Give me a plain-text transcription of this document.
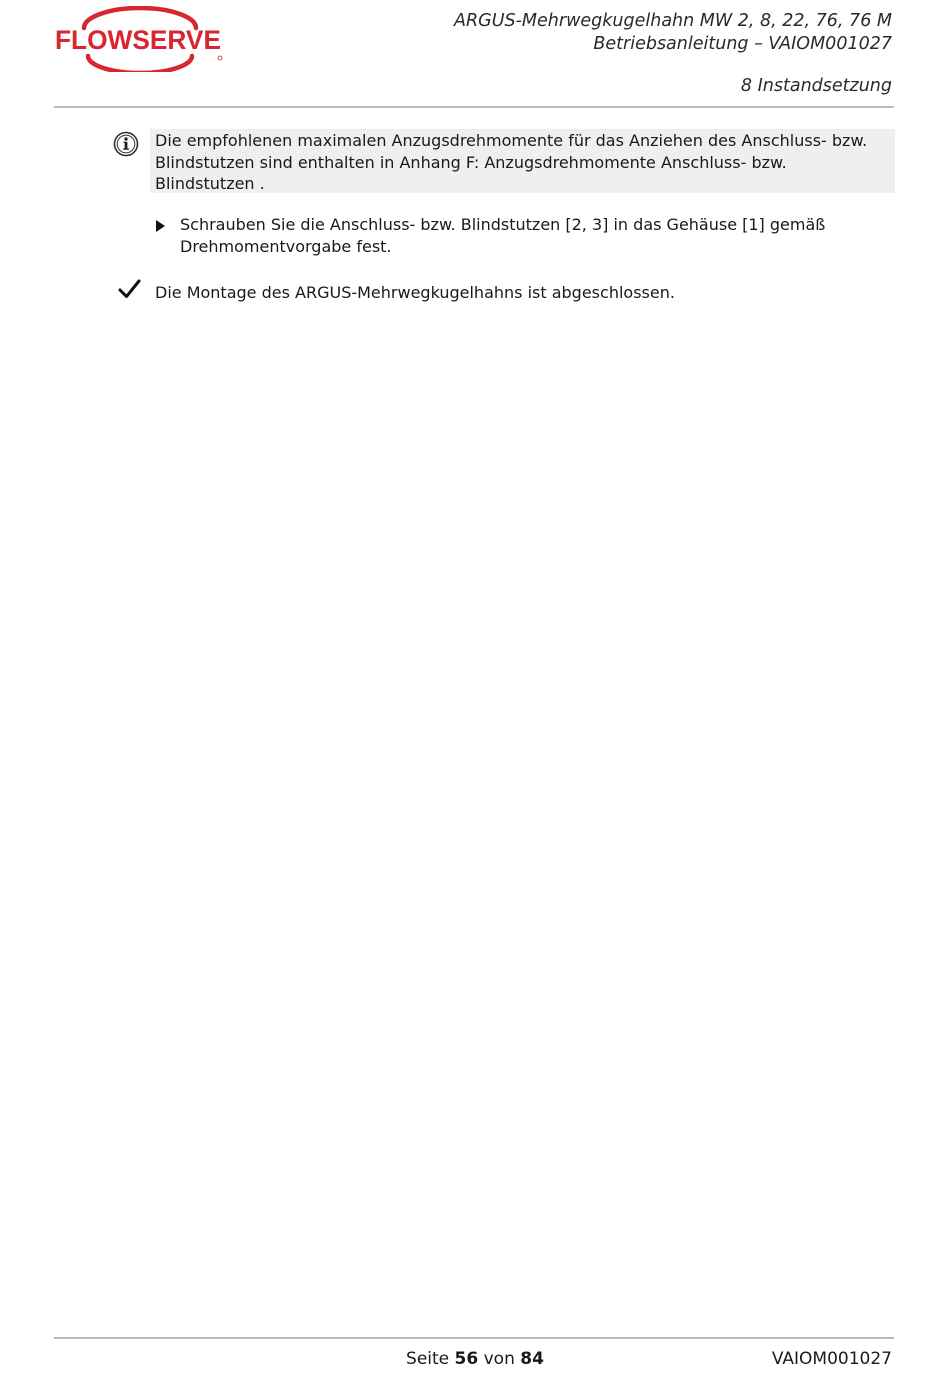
FLOWSERVE
ARGUS-Mehrwegkugelhahn MW 2, 8, 22, 76, 76 M
Betriebsanleitung – VAIOM001027
8 Instandsetzung
Die empfohlenen maximalen Anzugsdrehmomente für das Anziehen des Anschluss- bzw. Blindstutzen sind enthalten in Anhang F: Anzugsdrehmomente Anschluss- bzw. Blindstutzen .
Schrauben Sie die Anschluss- bzw. Blindstutzen [2, 3] in das Gehäuse [1] gemäß Drehmomentvorgabe fest.
Die Montage des ARGUS-Mehrwegkugelhahns ist abgeschlossen.
Seite 56 von 84	VAIOM001027
